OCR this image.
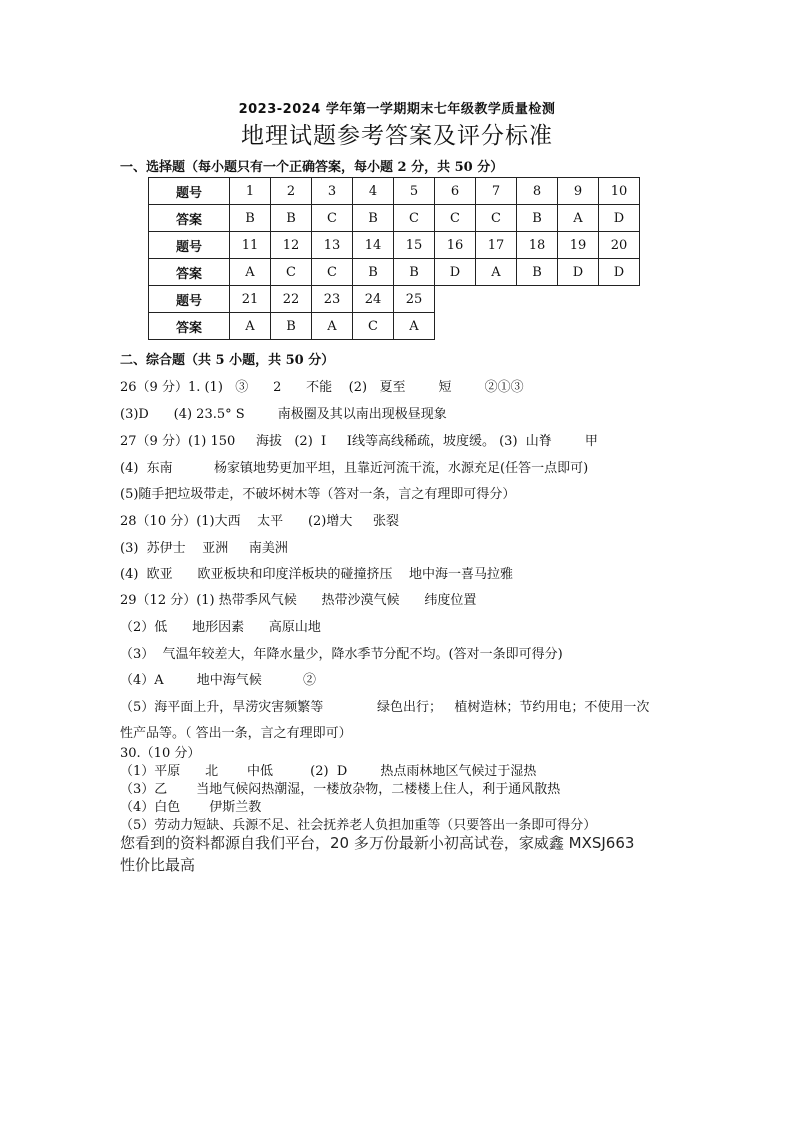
2023-2024 学年第一学期期末七年级教学质量检测
地理试题参考答案及评分标准
一、选择题（每小题只有一个正确答案，每小题 2 分，共 50 分）
题号	1	2	3	4	5	6	7	8	9	10
答案	B	B	C	B	C	C	C	B	A	D
题号	11	12	13	14	15	16	17	18	19	20
答案	A	C	C	B	B	D	A	B	D	D
题号	21	22	23	24	25					
答案	A	B	A	C	A					
二、综合题（共 5 小题，共 50 分）
26（9 分）1. (1)   ③      2      不能    (2)   夏至        短        ②①③
(3)D      (4) 23.5° S        南极圈及其以南出现极昼现象
27（9 分）(1) 150     海拔   (2)  Ⅰ     Ⅰ线等高线稀疏，坡度缓。 (3)  山脊        甲
(4)  东南          杨家镇地势更加平坦，且靠近河流干流，水源充足(任答一点即可)
(5)随手把垃圾带走，不破坏树木等（答对一条，言之有理即可得分）
28（10 分）(1)大西    太平      (2)增大     张裂
(3)  苏伊士    亚洲     南美洲
(4)  欧亚      欧亚板块和印度洋板块的碰撞挤压    地中海一喜马拉雅
29（12 分）(1) 热带季风气候      热带沙漠气候      纬度位置
（2）低      地形因素      高原山地
（3）  气温年较差大，年降水量少，降水季节分配不均。(答对一条即可得分)
（4）A        地中海气候          ②
（5）海平面上升，旱涝灾害频繁等             绿色出行；   植树造林；节约用电；不使用一次
性产品等。（ 答出一条，言之有理即可）
30.（10 分）
（1）平原      北       中低         (2)  D        热点雨林地区气候过于湿热
（3）乙       当地气候闷热潮湿，一楼放杂物，二楼楼上住人，利于通风散热
（4）白色       伊斯兰教
（5）劳动力短缺、兵源不足、社会抚养老人负担加重等（只要答出一条即可得分）
您看到的资料都源自我们平台，20 多万份最新小初高试卷，家威鑫 MXSJ663
性价比最高
